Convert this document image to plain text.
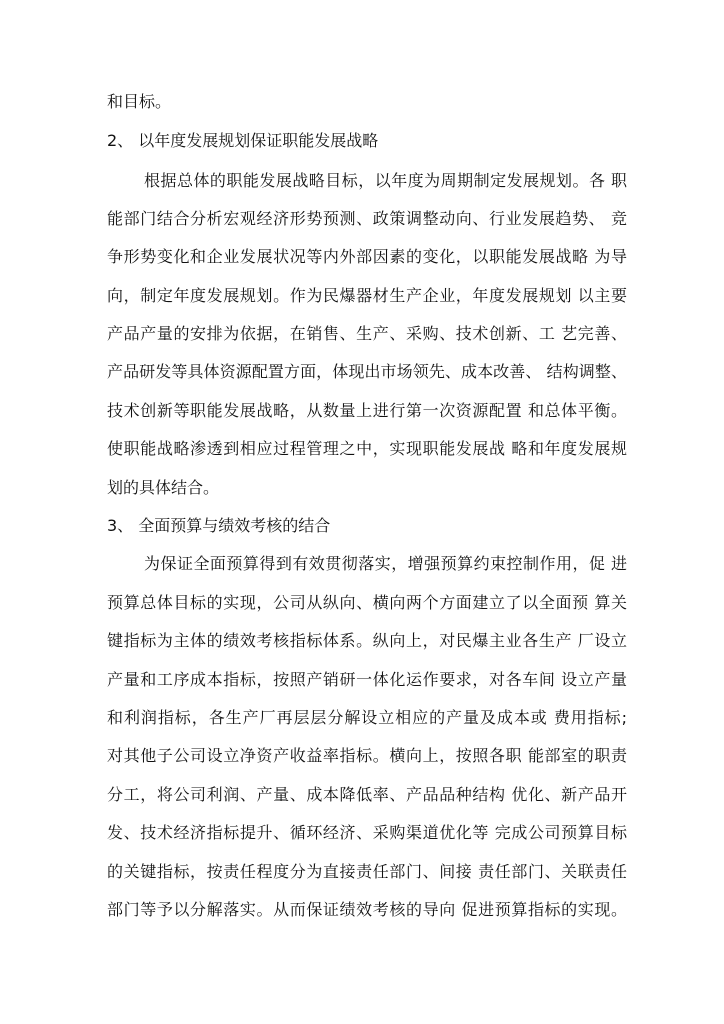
和目标。
2、 以年度发展规划保证职能发展战略
根据总体的职能发展战略目标，以年度为周期制定发展规划。各 职
能部门结合分析宏观经济形势预测、政策调整动向、行业发展趋势、 竞
争形势变化和企业发展状况等内外部因素的变化，以职能发展战略 为导
向，制定年度发展规划。作为民爆器材生产企业，年度发展规划 以主要
产品产量的安排为依据，在销售、生产、采购、技术创新、工 艺完善、
产品研发等具体资源配置方面，体现出市场领先、成本改善、 结构调整、
技术创新等职能发展战略，从数量上进行第一次资源配置 和总体平衡。
使职能战略渗透到相应过程管理之中，实现职能发展战 略和年度发展规
划的具体结合。
3、 全面预算与绩效考核的结合
为保证全面预算得到有效贯彻落实，增强预算约束控制作用，促 进
预算总体目标的实现，公司从纵向、横向两个方面建立了以全面预 算关
键指标为主体的绩效考核指标体系。纵向上，对民爆主业各生产 厂设立
产量和工序成本指标，按照产销研一体化运作要求，对各车间 设立产量
和利润指标，各生产厂再层层分解设立相应的产量及成本或 费用指标;
对其他子公司设立净资产收益率指标。横向上，按照各职 能部室的职责
分工，将公司利润、产量、成本降低率、产品品种结构 优化、新产品开
发、技术经济指标提升、循环经济、采购渠道优化等 完成公司预算目标
的关键指标，按责任程度分为直接责任部门、间接 责任部门、关联责任
部门等予以分解落实。从而保证绩效考核的导向 促进预算指标的实现。
